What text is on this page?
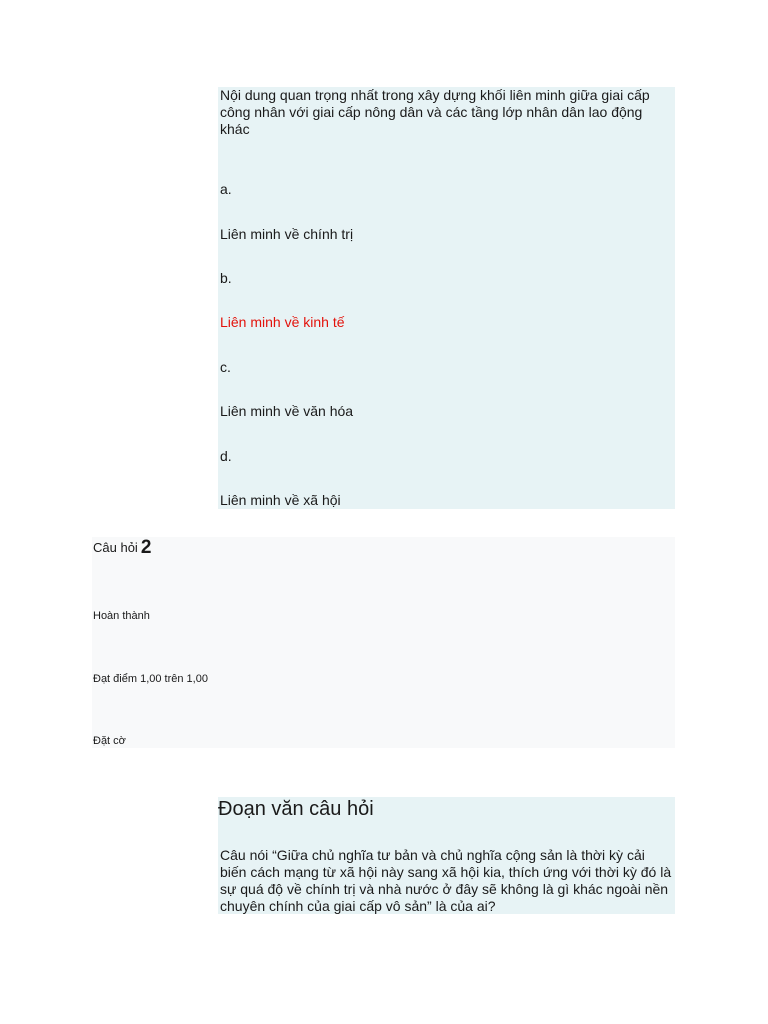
Nội dung quan trọng nhất trong xây dựng khối liên minh giữa giai cấp công nhân với giai cấp nông dân và các tầng lớp nhân dân lao động khác

a.

Liên minh về chính trị

b.

Liên minh về kinh tế

c.

Liên minh về văn hóa

d.

Liên minh về xã hội

Câu hỏi 2
Hoàn thành
Đạt điểm 1,00 trên 1,00
Đặt cờ
Đoạn văn câu hỏi

Câu nói “Giữa chủ nghĩa tư bản và chủ nghĩa cộng sản là thời kỳ cải biến cách mạng từ xã hội này sang xã hội kia, thích ứng với thời kỳ đó là sự quá độ về chính trị và nhà nước ở đây sẽ không là gì khác ngoài nền chuyên chính của giai cấp vô sản” là của ai?
